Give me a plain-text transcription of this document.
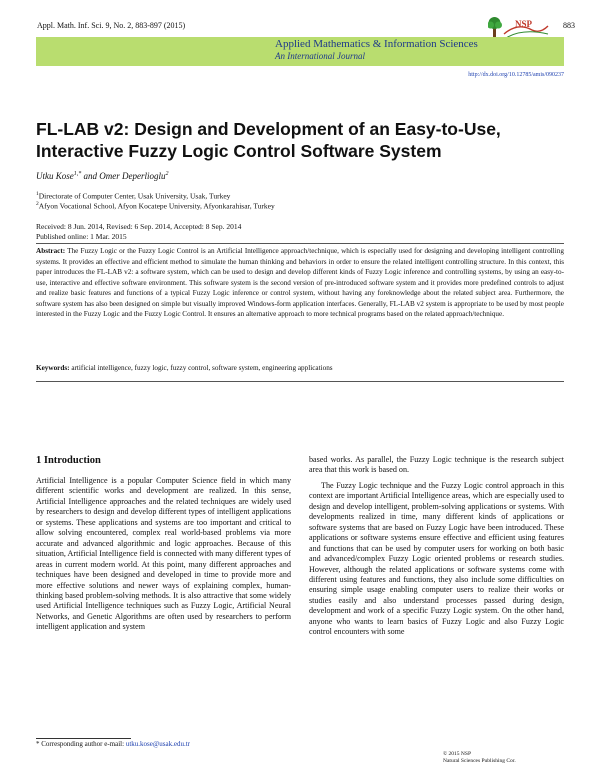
Appl. Math. Inf. Sci. 9, No. 2, 883-897 (2015)	883
NSP
Applied Mathematics & Information Sciences
An International Journal
http://dx.doi.org/10.12785/amis/090237
FL-LAB v2: Design and Development of an Easy-to-Use,
Interactive Fuzzy Logic Control Software System
Utku Kose$^{1,*}$ and Omer Deperlioglu$^2$
$^1$Directorate of Computer Center, Usak University, Usak, Turkey
$^2$Afyon Vocational School, Afyon Kocatepe University, Afyonkarahisar, Turkey
Received: 8 Jun. 2014, Revised: 6 Sep. 2014, Accepted: 8 Sep. 2014
Published online: 1 Mar. 2015
Abstract: The Fuzzy Logic or the Fuzzy Logic Control is an Artificial Intelligence approach/technique, which is especially used for designing and developing intelligent controlling systems. It provides an effective and efficient method to simulate the human thinking and behaviors in order to ensure the related intelligent controlling structure. In this context, this paper introduces the FL-LAB v2: a software system, which can be used to design and develop different kinds of Fuzzy Logic inference and controlling systems, by using an easy-to-use, interactive and effective software environment. This software system is the second version of pre-introduced software system and it provides more predefined controls to adjust and realize basic features and functions of a typical Fuzzy Logic inference or control system, without having any foreknowledge about the related subject area. Furthermore, the software system has also been designed on simple but visually improved Windows-form application interfaces. Generally, FL-LAB v2 system is appropriate to be used by most people interested in the Fuzzy Logic and the Fuzzy Logic Control. It ensures an alternative approach to more technical programs based on the related approach/technique.
Keywords: artificial intelligence, fuzzy logic, fuzzy control, software system, engineering applications
1 Introduction

Artificial Intelligence is a popular Computer Science field in which many different scientific works and development are realized. In this sense, Artificial Intelligence approaches and the related techniques are widely used by researchers to design and develop different types of intelligent applications or systems. These applications and systems are too important and critical to allow solving encountered, complex real world-based problems via more accurate and advanced algorithmic and logic approaches. Because of this situation, Artificial Intelligence field is connected with many different types of areas in current modern world. At this point, many different approaches and techniques have been designed and developed in time to provide more and more effective solutions and newer ways of explaining complex, human-thinking based problem-solving methods. It is also attractive that some widely used Artificial Intelligence techniques such as Fuzzy Logic, Artificial Neural Networks, and Genetic Algorithms are often used by researchers to perform intelligent application and system

based works. As parallel, the Fuzzy Logic technique is the research subject area that this work is based on.

The Fuzzy Logic technique and the Fuzzy Logic control approach in this context are important Artificial Intelligence areas, which are especially used to design and develop intelligent, problem-solving applications or systems. With developments realized in time, many different kinds of applications or software systems that are based on Fuzzy Logic have been introduced. These applications or software systems ensure effective and efficient using features and functions that can be used by computer users for working on both basic and advanced/complex Fuzzy Logic oriented problems or research studies. However, although the related applications or software systems come with different using features and functions, they also include some difficulties on ensuring simple usage enabling computer users to realize their works or studies easily and also understand processes passed during design, development and work of a specific Fuzzy Logic system. On the other hand, anyone who wants to learn basics of Fuzzy Logic and also Fuzzy Logic control encounters with some

* Corresponding author e-mail: utku.kose@usak.edu.tr
© 2015 NSP
Natural Sciences Publishing Cor.
